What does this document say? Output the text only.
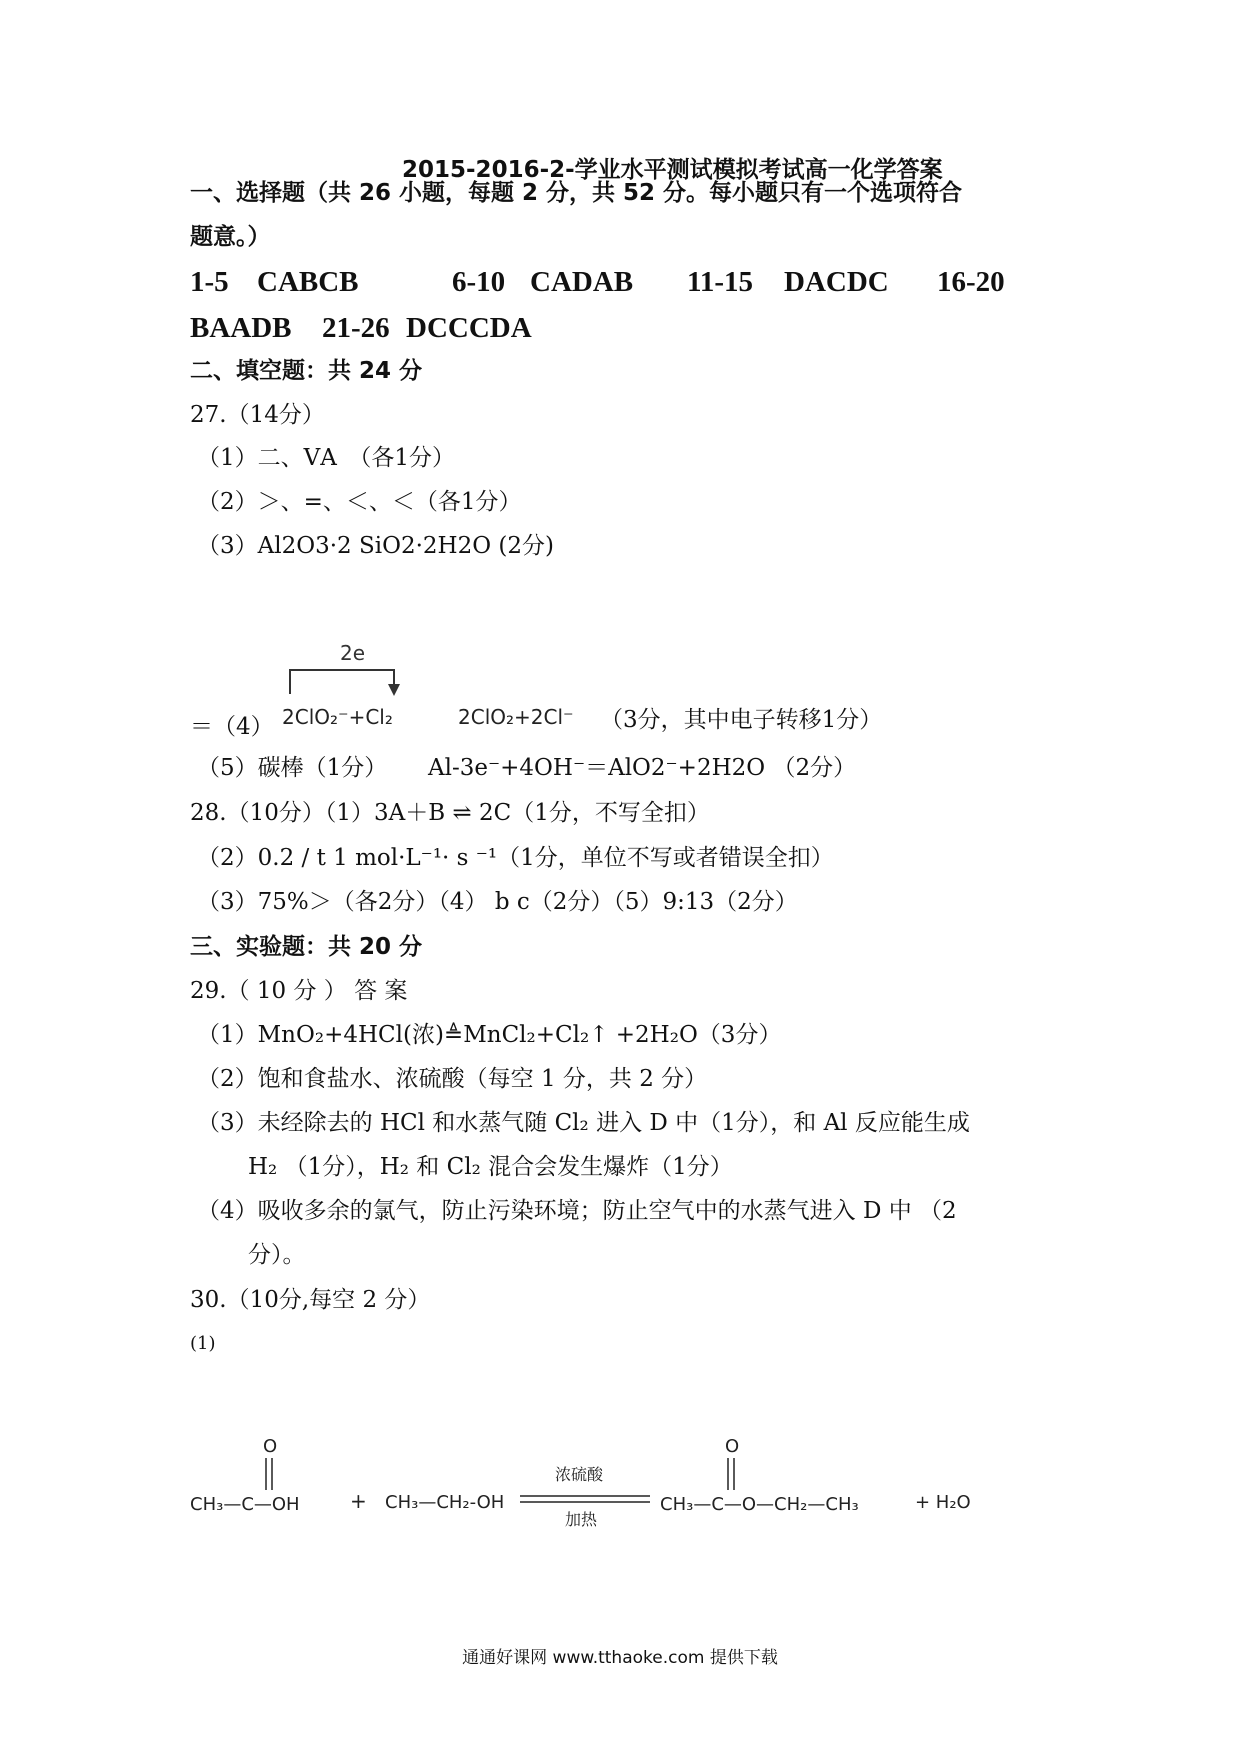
2015-2016-2-学业水平测试模拟考试高一化学答案
一、选择题（共 26 小题，每题 2 分，共 52 分。每小题只有一个选项符合
题意。）
1-5 CABCB	6-10 CADAB 11-15 DACDC 16-20
BAADB 21-26 DCCCDA
二、填空题：共 24 分
27.（14分）
（1）二、ⅤA　（各1分）
（2）＞、=、＜、＜（各1分）
（3）Al2O3·2 SiO2·2H2O (2分)
2e
＝（4） 2ClO₂⁻+Cl₂	2ClO₂+2Cl⁻ （3分，其中电子转移1分）
（5）碳棒（1分） Al-3e⁻+4OH⁻＝AlO2⁻+2H2O （2分）
28.（10分）（1）3A＋B ⇌ 2C（1分，不写全扣）
（2）0.2 / t 1 mol·L⁻¹· s ⁻¹（1分，单位不写或者错误全扣）
（3）75%＞（各2分）（4） b c（2分）（5）9:13（2分）
三、实验题：共 20 分
29.（ 10 分 ） 答 案
（1）MnO₂+4HCl(浓)≜MnCl₂+Cl₂↑ +2H₂O（3分）
（2）饱和食盐水、浓硫酸（每空 1 分，共 2 分）
（3）未经除去的 HCl 和水蒸气随 Cl₂ 进入 D 中（1分），和 Al 反应能生成
H₂ （1分），H₂ 和 Cl₂ 混合会发生爆炸（1分）
（4）吸收多余的氯气，防止污染环境；防止空气中的水蒸气进入 D 中 （2
分）。
30.（10分,每空 2 分）
(1)
O
CH₃—C—OH	+ CH₃—CH₂-OH
浓硫酸
加热
O
CH₃—C—O—CH₂—CH₃	+ H₂O
通通好课网 www.tthaoke.com 提供下载
